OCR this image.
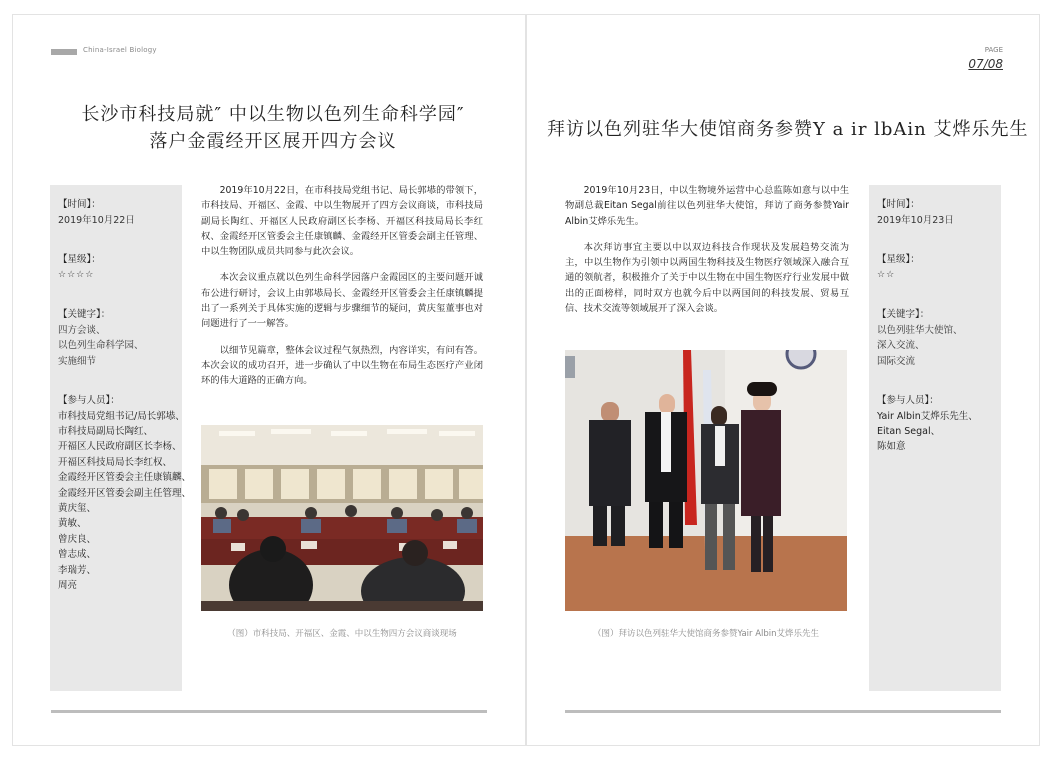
China-Israel Biology
长沙市科技局就″ 中以生物以色列生命科学园″
落户金霞经开区展开四方会议
【时间】：
2019年10月22日
【星级】：
☆☆☆☆
【关键字】：
四方会谈、
以色列生命科学园、
实施细节
【参与人员】：
市科技局党组书记/局长郭塨、
市科技局副局长陶红、
开福区人民政府副区长李杨、
开福区科技局局长李红权、
金霞经开区管委会主任康镇麟、
金霞经开区管委会副主任管理、
黄庆玺、
黄敏、
曾庆良、
曾志成、
李瑞芳、
周亮

2019年10月22日，在市科技局党组书记、局长郭塨的带领下，市科技局、开福区、金霞、中以生物展开了四方会议商谈，市科技局副局长陶红、开福区人民政府副区长李杨、开福区科技局局长李红权、金霞经开区管委会主任康镇麟、金霞经开区管委会副主任管理、中以生物团队成员共同参与此次会议。

本次会议重点就以色列生命科学园落户金霞园区的主要问题开诚布公进行研讨，会议上由郭塨局长、金霞经开区管委会主任康镇麟提出了一系列关于具体实施的逻辑与步骤细节的疑问，黄庆玺董事也对问题进行了一一解答。

以细节见篇章，整体会议过程气氛热烈，内容详实，有问有答。本次会议的成功召开，进一步确认了中以生物在布局生态医疗产业闭环的伟大道路的正确方向。

（图）市科技局、开福区、金霞、中以生物四方会议商谈现场
PAGE
07/08
拜访以色列驻华大使馆商务参赞Y a ir lbAin 艾烨乐先生

2019年10月23日，中以生物境外运营中心总监陈如意与以中生物副总裁Eitan Segal前往以色列驻华大使馆，拜访了商务参赞Yair Albin艾烨乐先生。

本次拜访事宜主要以中以双边科技合作现状及发展趋势交流为主，中以生物作为引领中以两国生物科技及生物医疗领域深入融合互通的领航者，积极推介了关于中以生物在中国生物医疗行业发展中做出的正面榜样，同时双方也就今后中以两国间的科技发展、贸易互信、技术交流等领域展开了深入会谈。

（图）拜访以色列驻华大使馆商务参赞Yair Albin艾烨乐先生
【时间】：
2019年10月23日
【星级】：
☆☆
【关键字】：
以色列驻华大使馆、
深入交流、
国际交流
【参与人员】：
Yair Albin艾烨乐先生、
Eitan Segal、
陈如意
